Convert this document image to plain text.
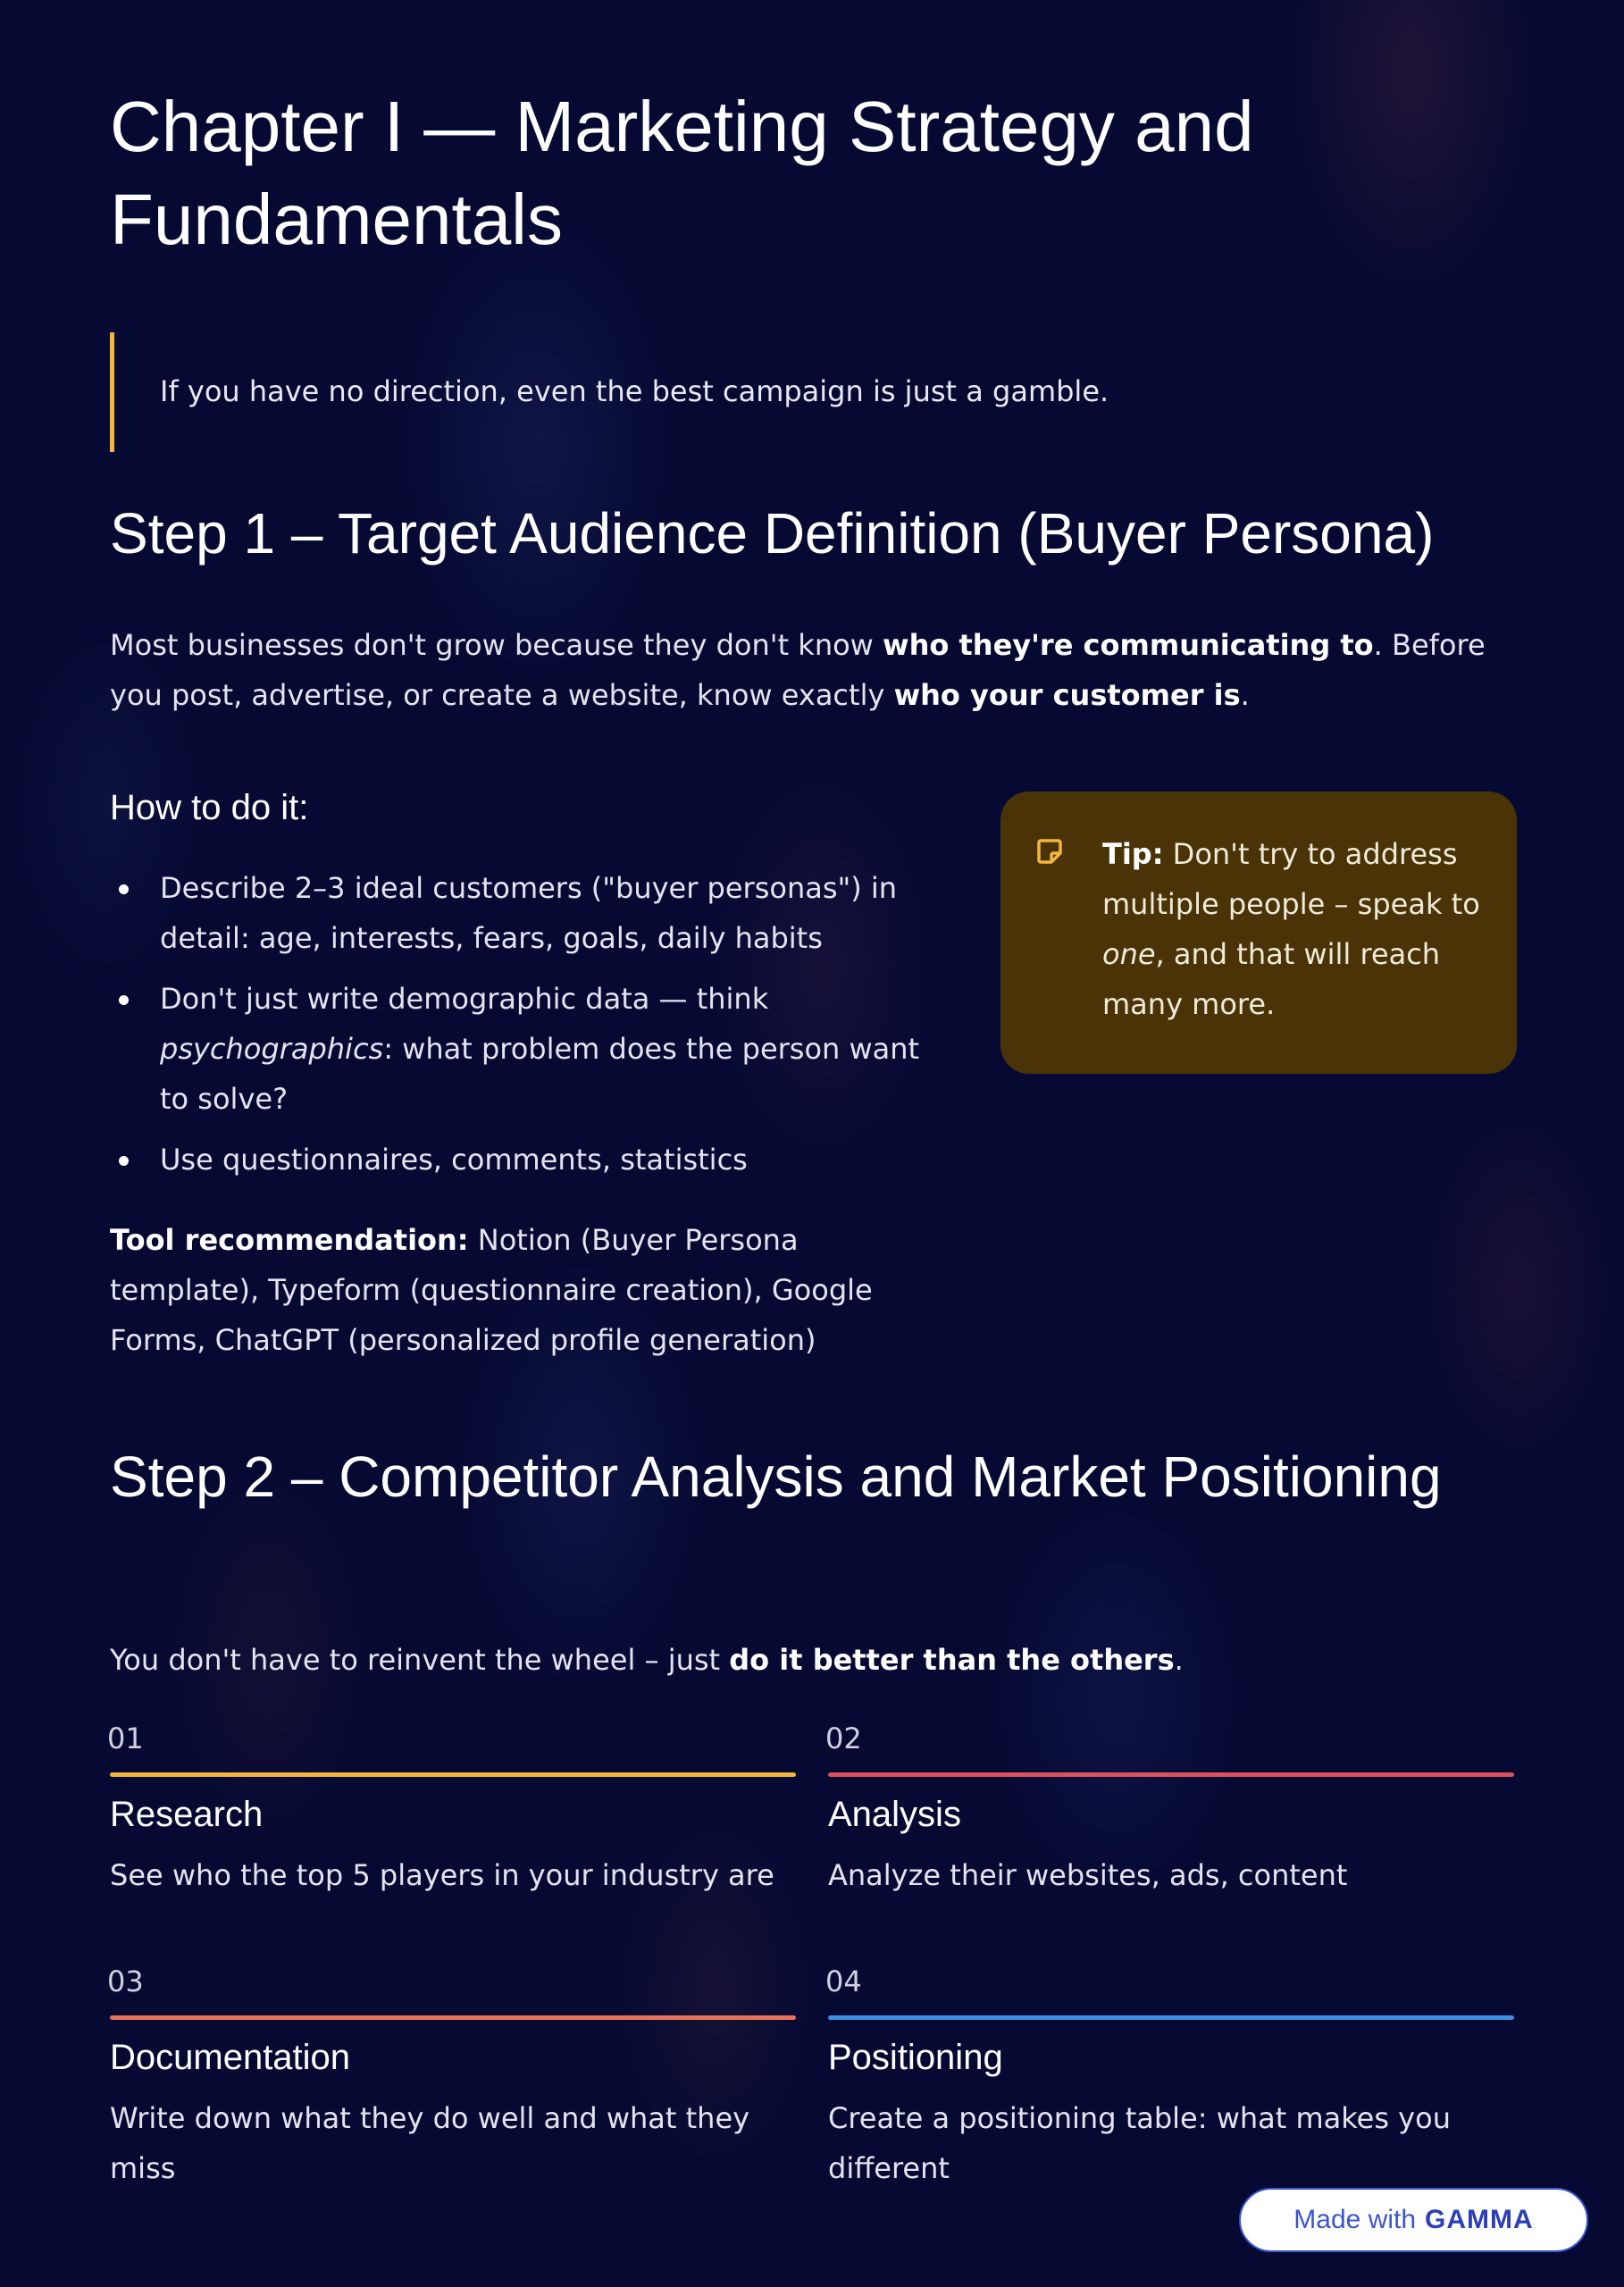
Chapter I — Marketing Strategy and Fundamentals
If you have no direction, even the best campaign is just a gamble.
Step 1 – Target Audience Definition (Buyer Persona)

Most businesses don't grow because they don't know who they're communicating to. Before you post, advertise, or create a website, know exactly who your customer is.

How to do it:
Describe 2–3 ideal customers ("buyer personas") in detail: age, interests, fears, goals, daily habits
Don't just write demographic data — think psychographics: what problem does the person want to solve?
Use questionnaires, comments, statistics
Tool recommendation: Notion (Buyer Persona template), Typeform (questionnaire creation), Google Forms, ChatGPT (personalized profile generation)
Tip: Don't try to address multiple people – speak to one, and that will reach many more.
Step 2 – Competitor Analysis and Market Positioning

You don't have to reinvent the wheel – just do it better than the others.

01
Research
See who the top 5 players in your industry are
02
Analysis
Analyze their websites, ads, content
03
Documentation
Write down what they do well and what they miss
04
Positioning
Create a positioning table: what makes you different
Made with GAMMA
